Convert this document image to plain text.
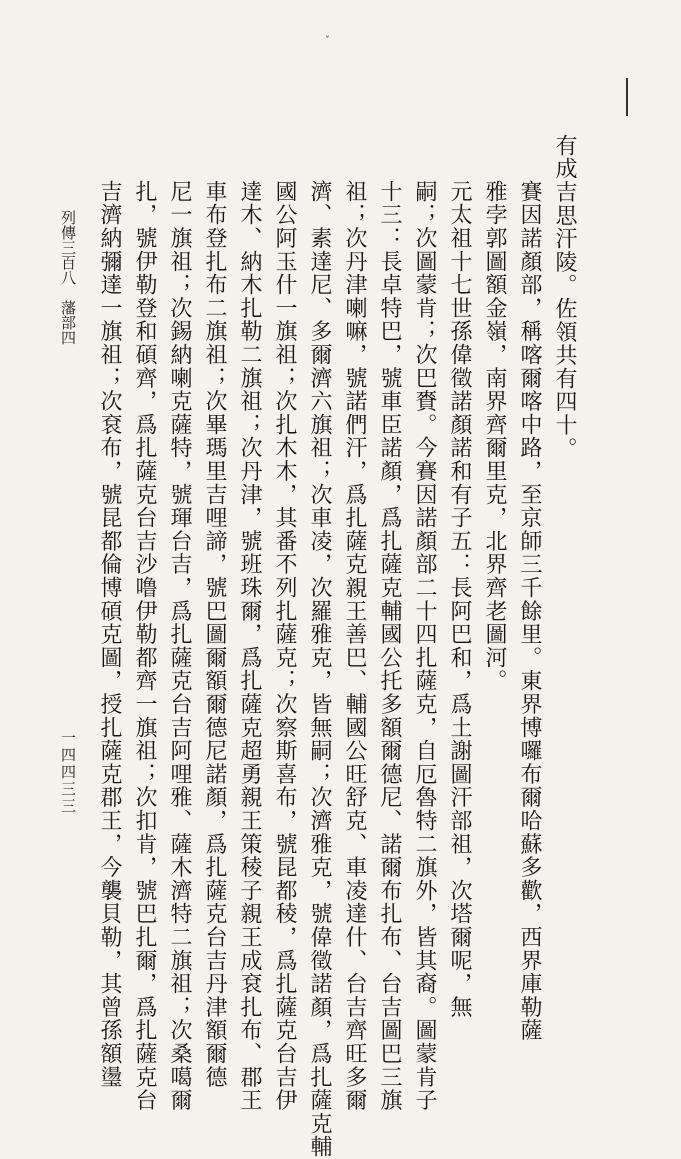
ˇ
有成吉思汗陵。佐領共有四十。
賽因諾顏部，稱喀爾喀中路，至京師三千餘里。東界博囉布爾哈蘇多歡，西界庫勒薩
雅孛郭圖額金嶺，南界齊爾里克，北界齊老圖河。
元太祖十七世孫偉徵諾顏諾和有子五：長阿巴和，爲土謝圖汗部祖，次塔爾呢，無
嗣；次圖蒙肯；次巴賚。今賽因諾顏部二十四扎薩克，自厄魯特二旗外，皆其裔。圖蒙肯子
十三：長卓特巴，號車臣諾顏，爲扎薩克輔國公托多額爾德尼、諾爾布扎布、台吉圖巴三旗
祖；次丹津喇嘛，號諾們汗，爲扎薩克親王善巴、輔國公旺舒克、車凌達什、台吉齊旺多爾
濟、素達尼、多爾濟六旗祖；次車凌，次羅雅克，皆無嗣；次濟雅克，號偉徵諾顏，爲扎薩克輔
國公阿玉什一旗祖；次扎木木，其番不列扎薩克；次察斯喜布，號昆都稜，爲扎薩克台吉伊
達木、納木扎勒二旗祖；次丹津，號班珠爾，爲扎薩克超勇親王策稜子親王成袞扎布、郡王
車布登扎布二旗祖；次畢瑪里吉哩諦，號巴圖爾額爾德尼諾顏，爲扎薩克台吉丹津額爾德
尼一旗祖；次錫納喇克薩特，號琿台吉，爲扎薩克台吉阿哩雅、薩木濟特二旗祖；次桑噶爾
扎，號伊勒登和碩齊，爲扎薩克台吉沙噜伊勒都齊一旗祖；次扣肯，號巴扎爾，爲扎薩克台
吉濟納彌達一旗祖；次袞布，號昆都倫博碩克圖，授扎薩克郡王，今襲貝勒，其曾孫額璗
列傳三百八　藩部四
一四四三三
